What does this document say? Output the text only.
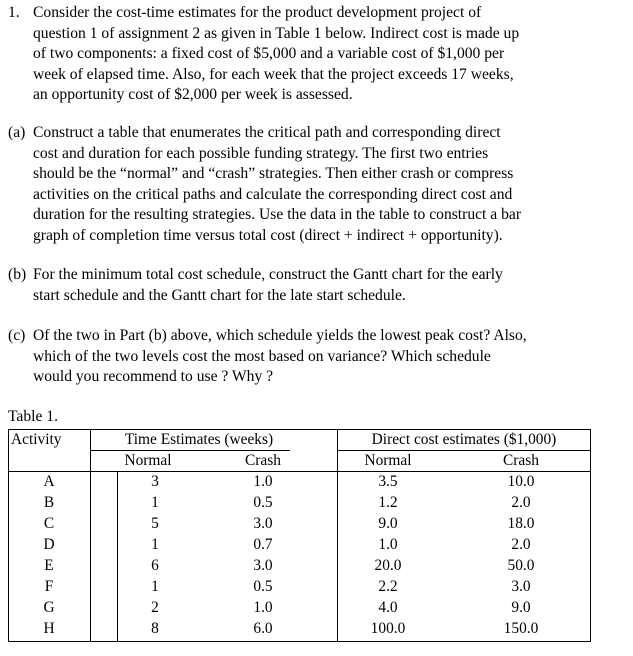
1. Consider the cost-time estimates for the product development project of
question 1 of assignment 2 as given in Table 1 below. Indirect cost is made up
of two components: a fixed cost of $5,000 and a variable cost of $1,000 per
week of elapsed time. Also, for each week that the project exceeds 17 weeks,
an opportunity cost of $2,000 per week is assessed.
(a) Construct a table that enumerates the critical path and corresponding direct
cost and duration for each possible funding strategy. The first two entries
should be the “normal” and “crash” strategies. Then either crash or compress
activities on the critical paths and calculate the corresponding direct cost and
duration for the resulting strategies. Use the data in the table to construct a bar
graph of completion time versus total cost (direct + indirect + opportunity).
(b) For the minimum total cost schedule, construct the Gantt chart for the early
start schedule and the Gantt chart for the late start schedule.
(c) Of the two in Part (b) above, which schedule yields the lowest peak cost? Also,
which of the two levels cost the most based on variance? Which schedule
would you recommend to use ? Why ?
Table 1.
Activity	Time Estimates (weeks)	Direct cost estimates ($1,000)
Normal	Crash	Normal	Crash
A	3	1.0	3.5	10.0
B	1	0.5	1.2	2.0
C	5	3.0	9.0	18.0
D	1	0.7	1.0	2.0
E	6	3.0	20.0	50.0
F	1	0.5	2.2	3.0
G	2	1.0	4.0	9.0
H	8	6.0	100.0	150.0
